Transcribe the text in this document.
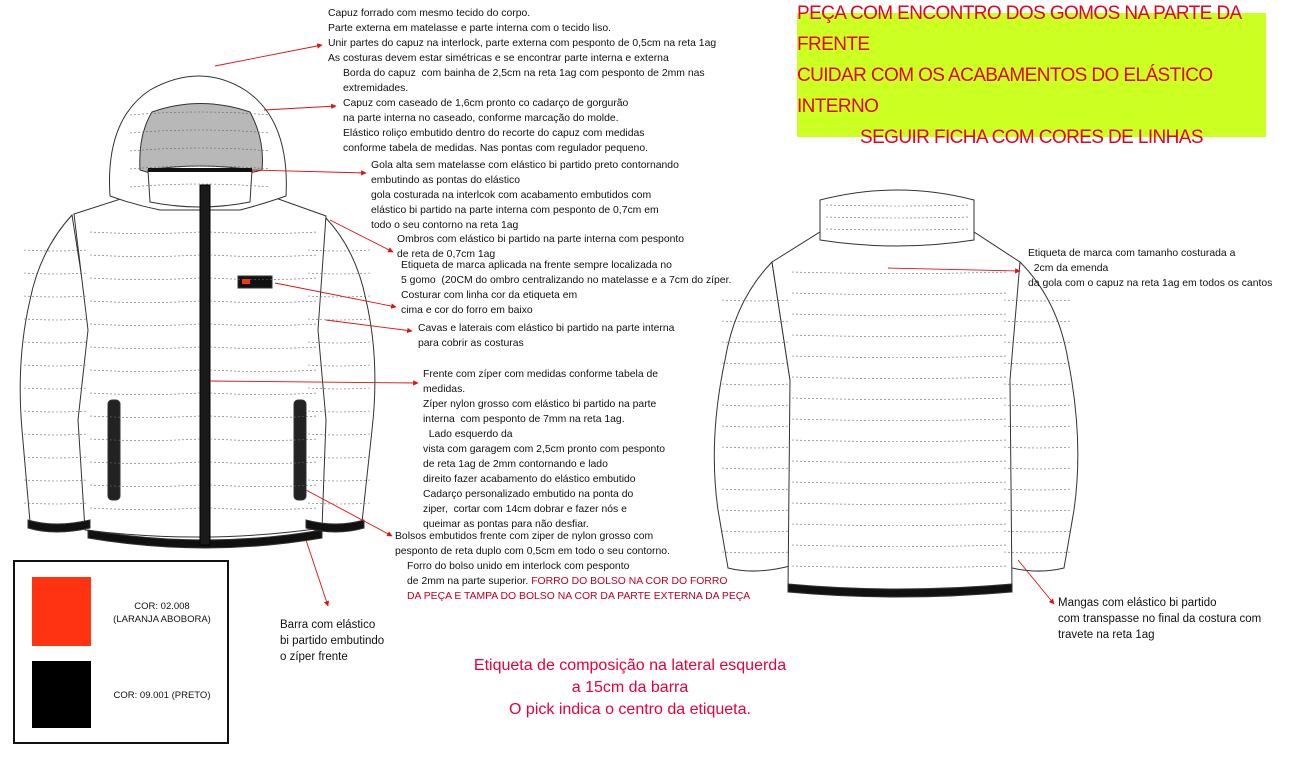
PEÇA COM ENCONTRO DOS GOMOS NA PARTE DA FRENTE
CUIDAR COM OS ACABAMENTOS DO ELÁSTICO INTERNO
SEGUIR FICHA COM CORES DE LINHAS
Capuz forrado com mesmo tecido do corpo.
Parte externa em matelasse e parte interna com o tecido liso.
Unir partes do capuz na interlock, parte externa com pesponto de 0,5cm na reta 1ag
As costuras devem estar simétricas e se encontrar parte interna e externa
Borda do capuz  com bainha de 2,5cm na reta 1ag com pesponto de 2mm nas
extremidades.
Capuz com caseado de 1,6cm pronto co cadarço de gorgurão
na parte interna no caseado, conforme marcação do molde.
Elástico roliço embutido dentro do recorte do capuz com medidas
conforme tabela de medidas. Nas pontas com regulador pequeno.
Gola alta sem matelasse com elástico bi partido preto contornando
embutindo as pontas do elástico
gola costurada na interlcok com acabamento embutidos com
elástico bi partido na parte interna com pesponto de 0,7cm em
todo o seu contorno na reta 1ag
Ombros com elástico bi partido na parte interna com pesponto
de reta de 0,7cm 1ag
Etiqueta de marca aplicada na frente sempre localizada no
5 gomo  (20CM do ombro centralizando no matelasse e a 7cm do zíper.
Costurar com linha cor da etiqueta em
cima e cor do forro em baixo
Cavas e laterais com elástico bi partido na parte interna
para cobrir as costuras
Frente com zíper com medidas conforme tabela de
medidas.
Zíper nylon grosso com elástico bi partido na parte
interna  com pesponto de 7mm na reta 1ag.
Lado esquerdo da
vista com garagem com 2,5cm pronto com pesponto
de reta 1ag de 2mm contornando e lado
direito fazer acabamento do elástico embutido
Cadarço personalizado embutido na ponta do
ziper,  cortar com 14cm dobrar e fazer nós e
queimar as pontas para não desfiar.
Bolsos embutidos frente com ziper de nylon grosso com
pesponto de reta duplo com 0,5cm em todo o seu contorno.
Forro do bolso unido em interlock com pesponto
de 2mm na parte superior. FORRO DO BOLSO NA COR DO FORRO
DA PEÇA E TAMPA DO BOLSO NA COR DA PARTE EXTERNA DA PEÇA
Barra com elástico
bi partido embutindo
o zíper frente
Etiqueta de marca com tamanho costurada a
2cm da emenda
da gola com o capuz na reta 1ag em todos os cantos
Mangas com elástico bi partido
com transpasse no final da costura com
travete na reta 1ag
COR: 02.008
(LARANJA ABOBORA)
COR: 09.001 (PRETO)
Etiqueta de composição na lateral esquerda
a 15cm da barra
O pick indica o centro da etiqueta.
